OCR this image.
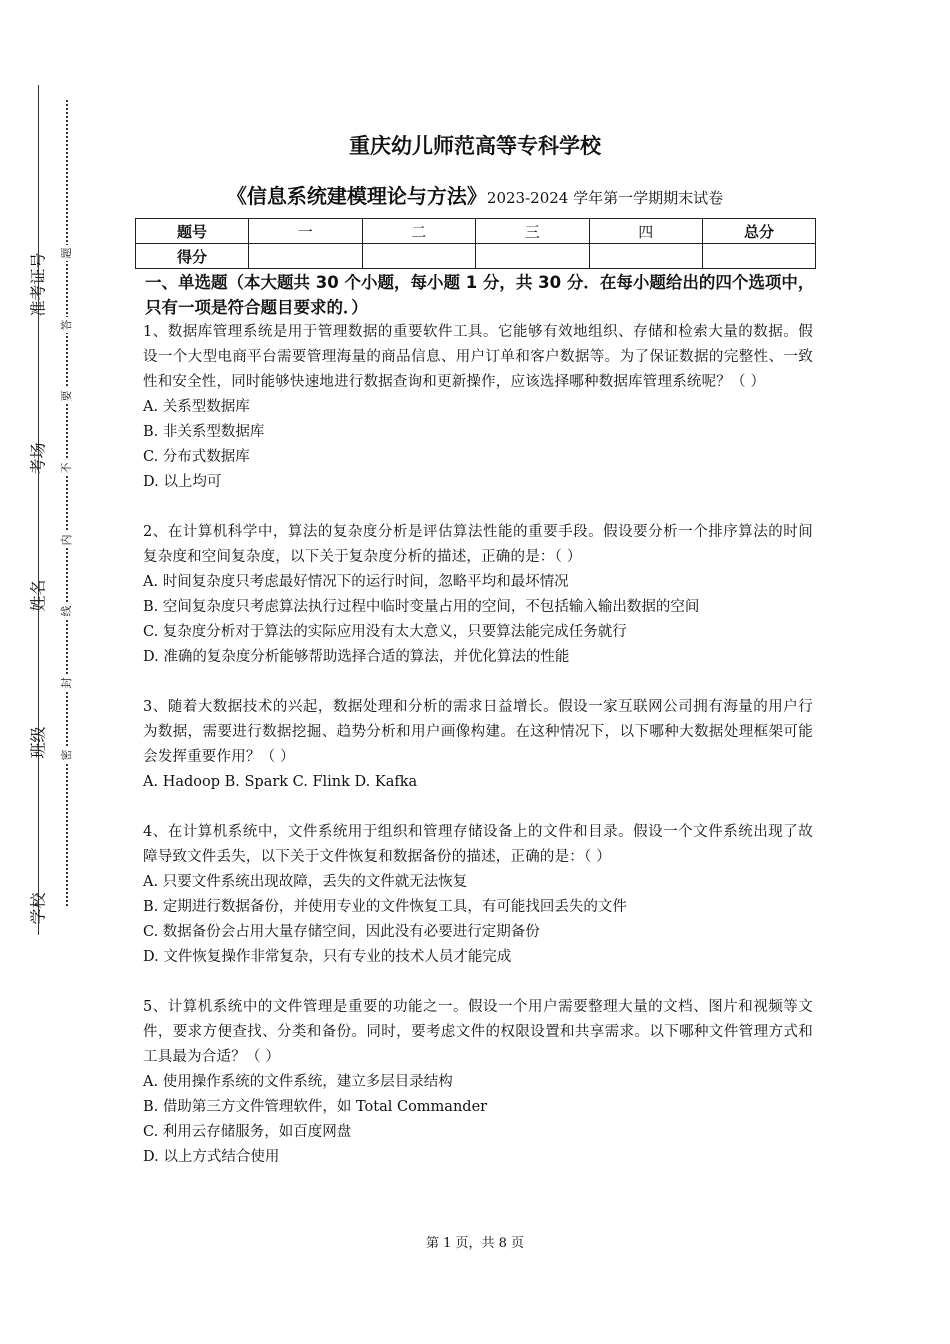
准考证号
考场
姓名
班级
学校
题
答
要
不
内
线
封
密
重庆幼儿师范高等专科学校
《信息系统建模理论与方法》2023-2024 学年第一学期期末试卷
题号	一	二	三	四	总分
得分					
一、单选题（本大题共 30 个小题，每小题 1 分，共 30 分．在每小题给出的四个选项中，只有一项是符合题目要求的．）
1、数据库管理系统是用于管理数据的重要软件工具。它能够有效地组织、存储和检索大量的数据。假设一个大型电商平台需要管理海量的商品信息、用户订单和客户数据等。为了保证数据的完整性、一致性和安全性，同时能够快速地进行数据查询和更新操作，应该选择哪种数据库管理系统呢？（ ）
A. 关系型数据库
B. 非关系型数据库
C. 分布式数据库
D. 以上均可
2、在计算机科学中，算法的复杂度分析是评估算法性能的重要手段。假设要分析一个排序算法的时间复杂度和空间复杂度，以下关于复杂度分析的描述，正确的是：（ ）
A. 时间复杂度只考虑最好情况下的运行时间，忽略平均和最坏情况
B. 空间复杂度只考虑算法执行过程中临时变量占用的空间，不包括输入输出数据的空间
C. 复杂度分析对于算法的实际应用没有太大意义，只要算法能完成任务就行
D. 准确的复杂度分析能够帮助选择合适的算法，并优化算法的性能
3、随着大数据技术的兴起，数据处理和分析的需求日益增长。假设一家互联网公司拥有海量的用户行为数据，需要进行数据挖掘、趋势分析和用户画像构建。在这种情况下，以下哪种大数据处理框架可能会发挥重要作用？（ ）
A. Hadoop B. Spark C. Flink D. Kafka
4、在计算机系统中，文件系统用于组织和管理存储设备上的文件和目录。假设一个文件系统出现了故障导致文件丢失，以下关于文件恢复和数据备份的描述，正确的是：（ ）
A. 只要文件系统出现故障，丢失的文件就无法恢复
B. 定期进行数据备份，并使用专业的文件恢复工具，有可能找回丢失的文件
C. 数据备份会占用大量存储空间，因此没有必要进行定期备份
D. 文件恢复操作非常复杂，只有专业的技术人员才能完成
5、计算机系统中的文件管理是重要的功能之一。假设一个用户需要整理大量的文档、图片和视频等文件，要求方便查找、分类和备份。同时，要考虑文件的权限设置和共享需求。以下哪种文件管理方式和工具最为合适？（ ）
A. 使用操作系统的文件系统，建立多层目录结构
B. 借助第三方文件管理软件，如 Total Commander
C. 利用云存储服务，如百度网盘
D. 以上方式结合使用
第 1 页，共 8 页
